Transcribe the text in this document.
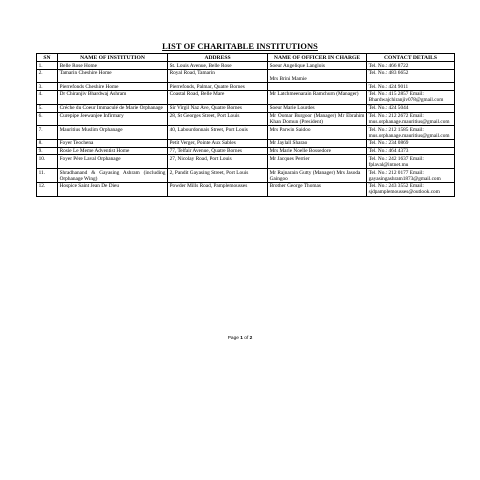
LIST OF CHARITABLE INSTITUTIONS
SN	NAME OF INSTITUTION	ADDRESS	NAME OF OFFICER IN CHARGE	CONTACT DETAILS
1.	Belle Rose Home	St. Louis Avenue, Belle Rose	Soeur Angelique Langlois	Tel. No.: 466 8722
2.	Tamarin Cheshire Home	Royal Road, Tamarin	Mrs Brini Mamie	Tel. No.: 483 6652
3.	Pierrefonds Cheshire Home	Pierrefonds, Palmar, Quatre Bornes		Tel. No.: 424 9011
4.	Dr Chiranjiv Bhardwaj Ashram	Coastal Road, Belle Mare	Mr Latchmeenarain Ramchurn (Manager)	Tel. No.: 415 2857 Email: Bhardwajchiranjiv078@gmail.com
5.	Créche du Coeur Immaculé de Marie Orphanage	Sir Virgil Naz Ave, Quatre Bornes	Soeur Marie Lourdes	Tel. No.: 424 5044
6.	Curepipe Jeewanjee Infirmary	28, St Georges Street, Port Louis	Mr Oomar Burgoor (Manager) Mr Ebrahim Khan Domun (President)	Tel. No.: 212 2672 Email: mus.orphanage.mauritius@gmail.com
7.	Mauritius Muslim Orphanage	40, Labourdonnais Street, Port Louis	Mrs Parwin Saidoo	Tel. No.: 212 1585 Email: mus.orphanage.mauritius@gmail.com
8.	Foyer Teochena	Petit Verger, Pointe Aux Sables	Mr Jaylall Sharao	Tel. No.: 234 0869
9.	Rosie Le Meme Adventist Home	77, Telfair Avenue, Quatre Bornes	Mrs Marie Noelle Bossedore	Tel. No.: 464 4373
10.	Foyer Père Laval Orphanage	27, Nicolay Road, Port Louis	Mr Jacques Perrier	Tel. No.: 242 1637 Email: fplaval@intnet.mu
11.	Shradhanand & Gayasing Ashram (including Orphanage Wing)	2, Pandit Gayasing Street, Port Louis	Mr Rajnarain Gutty (Manager) Mrs Jasoda Gaingoo	Tel. No.: 212 0177 Email: gayasingashram1873@gmail.com
12.	Hospice Saint Jean De Dieu	Powder Mills Road, Pamplemousses	Brother George Thomas	Tel. No.: 243 3552 Email: sjdpamplemousses@outlook.com
Page 1 of 2
